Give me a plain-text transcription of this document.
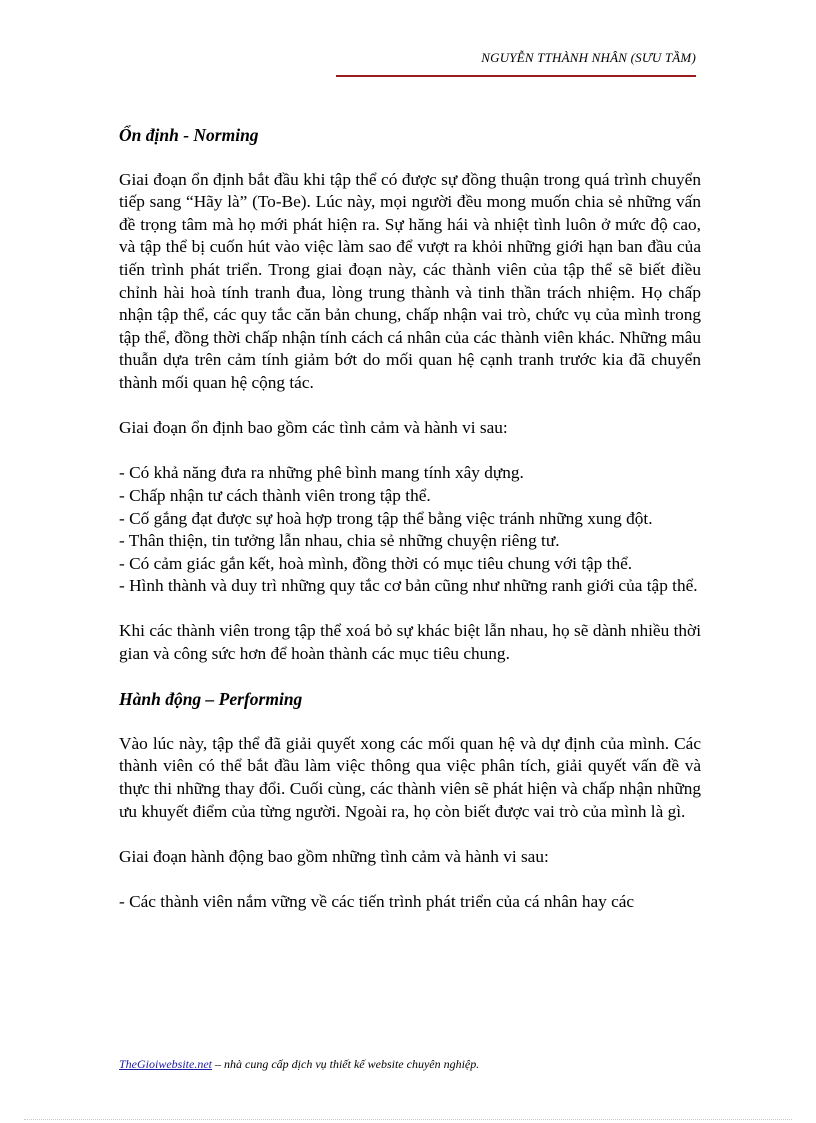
NGUYỄN TTHÀNH NHÂN (SƯU TẦM)
Ổn định - Norming

Giai đoạn ổn định bắt đầu khi tập thể có được sự đồng thuận trong quá trình chuyển tiếp sang “Hãy là” (To-Be). Lúc này, mọi người đều mong muốn chia sẻ những vấn đề trọng tâm mà họ mới phát hiện ra. Sự hăng hái và nhiệt tình luôn ở mức độ cao, và tập thể bị cuốn hút vào việc làm sao để vượt ra khỏi những giới hạn ban đầu của tiến trình phát triển. Trong giai đoạn này, các thành viên của tập thể sẽ biết điều chỉnh hài hoà tính tranh đua, lòng trung thành và tinh thần trách nhiệm. Họ chấp nhận tập thể, các quy tắc căn bản chung, chấp nhận vai trò, chức vụ của mình trong tập thể, đồng thời chấp nhận tính cách cá nhân của các thành viên khác. Những mâu thuẫn dựa trên cảm tính giảm bớt do mối quan hệ cạnh tranh trước kia đã chuyển thành mối quan hệ cộng tác.

Giai đoạn ổn định bao gồm các tình cảm và hành vi sau:

- Có khả năng đưa ra những phê bình mang tính xây dựng.
- Chấp nhận tư cách thành viên trong tập thể.
- Cố gắng đạt được sự hoà hợp trong tập thể bằng việc tránh những xung đột.
- Thân thiện, tin tưởng lẫn nhau, chia sẻ những chuyện riêng tư.
- Có cảm giác gắn kết, hoà mình, đồng thời có mục tiêu chung với tập thể.
- Hình thành và duy trì những quy tắc cơ bản cũng như những ranh giới của tập thể.

Khi các thành viên trong tập thể xoá bỏ sự khác biệt lẫn nhau, họ sẽ dành nhiều thời gian và công sức hơn để hoàn thành các mục tiêu chung.

Hành động – Performing

Vào lúc này, tập thể đã giải quyết xong các mối quan hệ và dự định của mình. Các thành viên có thể bắt đầu làm việc thông qua việc phân tích, giải quyết vấn đề và thực thi những thay đổi. Cuối cùng, các thành viên sẽ phát hiện và chấp nhận những ưu khuyết điểm của từng người. Ngoài ra, họ còn biết được vai trò của mình là gì.

Giai đoạn hành động bao gồm những tình cảm và hành vi sau:

- Các thành viên nắm vững về các tiến trình phát triển của cá nhân hay các
TheGioiwebsite.net – nhà cung cấp dịch vụ thiết kế website chuyên nghiệp.
